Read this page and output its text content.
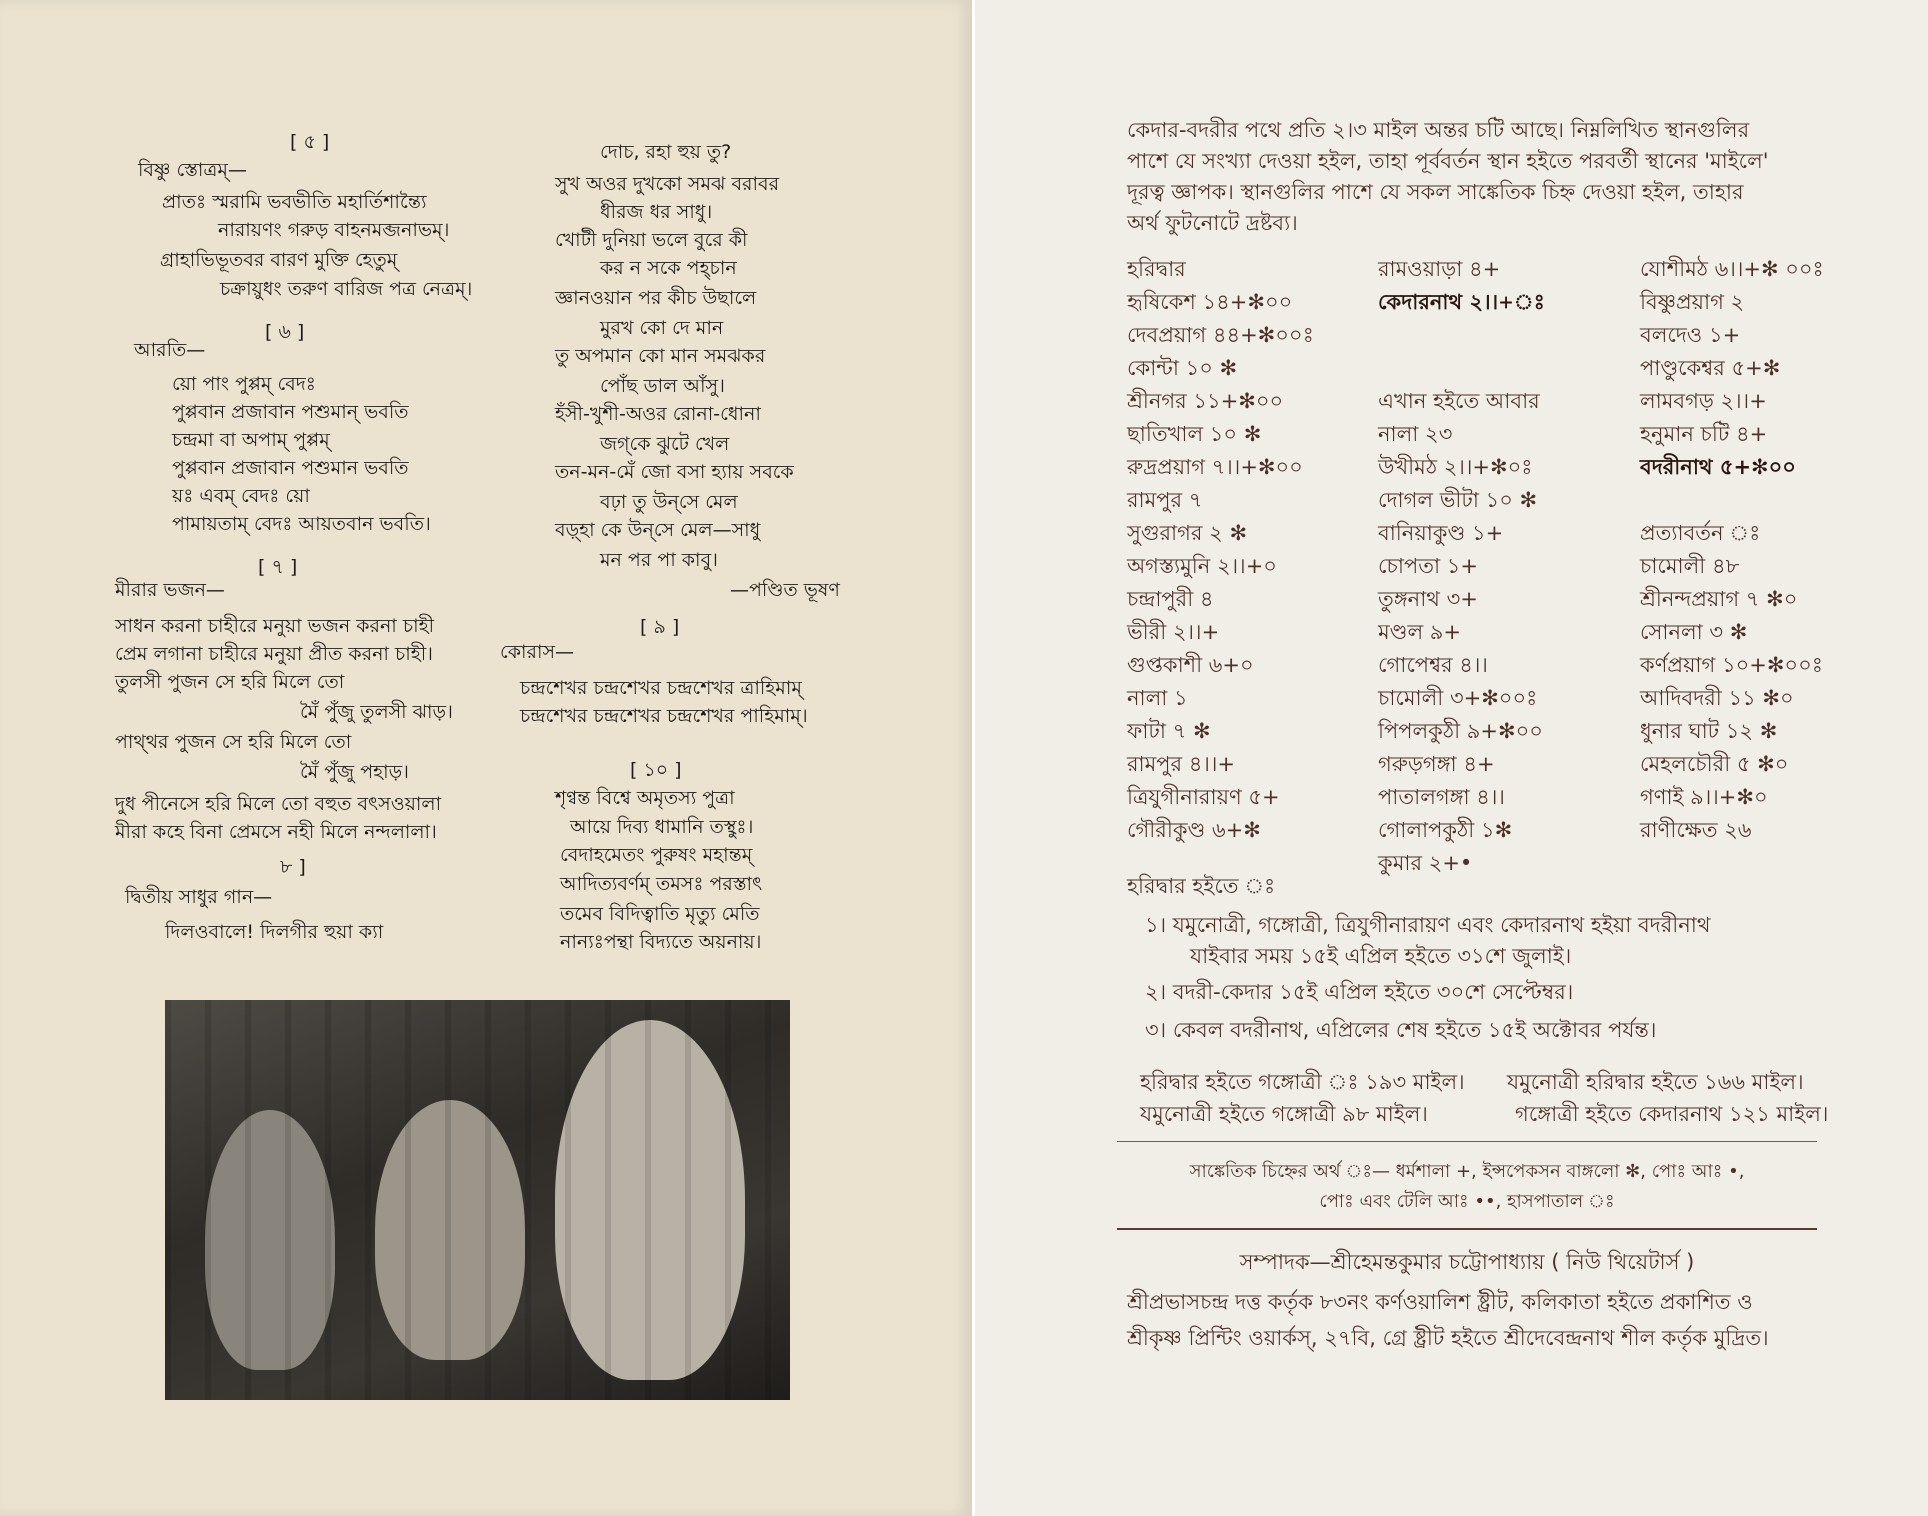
[ ৫ ]
বিষ্ণু স্তোত্রম্—
প্রাতঃ স্মরামি ভবভীতি মহার্তিশান্ত্যৈ
নারায়ণং গরুড় বাহনমব্জনাভম্।
গ্রাহাভিভূতবর বারণ মুক্তি হেতুম্
চক্রায়ুধং তরুণ বারিজ পত্র নেত্রম্।
[ ৬ ]
আরতি—
য়ো পাং পুপ্পম্ বেদঃ
পুপ্পবান প্রজাবান পশুমান্‌ ভবতি
চন্দ্রমা বা অপাম্ পুপ্পম্
পুপ্পবান প্রজাবান পশুমান ভবতি
য়ঃ এবম্ বেদঃ য়ো
পামায়তাম্ বেদঃ আয়তবান ভবতি।
[ ৭ ]
মীরার ভজন—
সাধন করনা চাহীরে মনুয়া ভজন করনা চাহী
প্রেম লগানা চাহীরে মনুয়া প্রীত করনা চাহী।
তুলসী পুজন সে হরি মিলে তো
মৈঁ পুঁজু তুলসী ঝাড়।
পাথ্থর পুজন সে হরি মিলে তো
মৈঁ পুঁজু পহাড়।
দুধ পীনেসে হরি মিলে তো বহুত বৎসওয়ালা
মীরা কহে বিনা প্রেমসে নহী মিলে নন্দলালা।
৮ ]
দ্বিতীয় সাধুর গান—
দিলওবালে! দিলগীর হুয়া ক্যা
দোচ, রহা হুয় তু?
সুখ অওর দুখকো সমঝ বরাবর
ধীরজ ধর সাধু।
খোটী দুনিয়া ভলে বুরে কী
কর ন সকে পহ্‌চান
জ্ঞানওয়ান পর কীচ উছালে
মুরখ কো দে মান
তু অপমান কো মান সমঝকর
পোঁছ ডাল আঁসু।
হঁসী-খুশী-অওর রোনা-ধোনা
জগ্‌কে ঝুটে খেল
তন-মন-মেঁ জো বসা হ্যায় সবকে
বঢ়া তু উন্‌সে মেল
বড়্‌হা কে উন্‌সে মেল—সাধু
মন পর পা কাবু।
—পণ্ডিত ভূষণ
[ ৯ ]
কোরাস—
চন্দ্রশেখর চন্দ্রশেখর চন্দ্রশেখর ত্রাহিমাম্
চন্দ্রশেখর চন্দ্রশেখর চন্দ্রশেখর পাহিমাম্।
[ ১০ ]
শৃণ্বন্ত বিশ্বে অমৃতস্য পুত্রা
আয়ে দিব্য ধামানি তস্থুঃ।
বেদাহমেতং পুরুষং মহান্তম্
আদিত্যবর্ণম্ তমসঃ পরস্তাৎ
তমেব বিদিত্বাতি মৃত্যু মেতি
নান্যঃপন্থা বিদ্যতে অয়নায়।
কেদার-বদরীর পথে প্রতি ২।৩ মাইল অন্তর চটি আছে। নিম্নলিখিত স্থানগুলির
পাশে যে সংখ্যা দেওয়া হইল, তাহা পূর্ববর্তন স্থান হইতে পরবর্তী স্থানের 'মাইলে'
দূরত্ব জ্ঞাপক। স্থানগুলির পাশে যে সকল সাঙ্কেতিক চিহ্ন দেওয়া হইল, তাহার
অর্থ ফুটনোটে দ্রষ্টব্য।
হরিদ্বার
হৃষিকেশ ১৪+✻০০
দেবপ্রয়াগ ৪৪+✻০০ঃ
কোন্টা ১০ ✻
শ্রীনগর ১১+✻০০
ছাতিখাল ১০ ✻
রুদ্রপ্রয়াগ ৭।।+✻০০
রামপুর ৭
সুগুরাগর ২ ✻
অগস্ত্যমুনি ২।।+০
চন্দ্রাপুরী ৪
ভীরী ২।।+
গুপ্তকাশী ৬+০
নালা ১
ফাটা ৭ ✻
রামপুর ৪।।+
ত্রিযুগীনারায়ণ ৫+
গৌরীকুণ্ড ৬+✻
রামওয়াড়া ৪+
কেদারনাথ ২।।+ঃ

এখান হইতে আবার
নালা ২৩
উখীমঠ ২।।+✻০ঃ
দোগল ভীটা ১০ ✻
বানিয়াকুণ্ড ১+
চোপতা ১+
তুঙ্গনাথ ৩+
মণ্ডল ৯+
গোপেশ্বর ৪।।
চামোলী ৩+✻০০ঃ
পিপলকুঠী ৯+✻০০
গরুড়গঙ্গা ৪+
পাতালগঙ্গা ৪।।
গোলাপকুঠী ১✻
কুমার ২+•
যোশীমঠ ৬।।+✻ ০০ঃ
বিষ্ণুপ্রয়াগ ২
বলদেও ১+
পাণ্ডুকেশ্বর ৫+✻
লামবগড় ২।।+
হনুমান চটি ৪+
বদরীনাথ ৫+✻০০

প্রত্যাবর্তন ঃ
চামোলী ৪৮
শ্রীনন্দপ্রয়াগ ৭ ✻০
সোনলা ৩ ✻
কর্ণপ্রয়াগ ১০+✻০০ঃ
আদিবদরী ১১ ✻০
ধুনার ঘাট ১২ ✻
মেহলচৌরী ৫ ✻০
গণাই ৯।।+✻০
রাণীক্ষেত ২৬
হরিদ্বার হইতে ঃ
১। যমুনোত্রী, গঙ্গোত্রী, ত্রিযুগীনারায়ণ এবং কেদারনাথ হইয়া বদরীনাথ
যাইবার সময় ১৫ই এপ্রিল হইতে ৩১শে জুলাই।
২। বদরী-কেদার ১৫ই এপ্রিল হইতে ৩০শে সেপ্টেম্বর।
৩। কেবল বদরীনাথ, এপ্রিলের শেষ হইতে ১৫ই অক্টোবর পর্যন্ত।
হরিদ্বার হইতে গঙ্গোত্রী ঃ ১৯৩ মাইল। যমুনোত্রী হরিদ্বার হইতে ১৬৬ মাইল।
যমুনোত্রী হইতে গঙ্গোত্রী ৯৮ মাইল।	গঙ্গোত্রী হইতে কেদারনাথ ১২১ মাইল।
সাঙ্কেতিক চিহ্নের অর্থ ঃ— ধর্মশালা +, ইন্সপেকসন বাঙ্গলো ✻, পোঃ আঃ •,
পোঃ এবং টেলি আঃ ••, হাসপাতাল ঃ
সম্পাদক—শ্রীহেমন্তকুমার চট্টোপাধ্যায় ( নিউ থিয়েটার্স )
শ্রীপ্রভাসচন্দ্র দত্ত কর্তৃক ৮৩নং কর্ণওয়ালিশ ষ্ট্রীট, কলিকাতা হইতে প্রকাশিত ও
শ্রীকৃষ্ণ প্রিন্টিং ওয়ার্কস্, ২৭বি, গ্রে ষ্ট্রীট হইতে শ্রীদেবেন্দ্রনাথ শীল কর্তৃক মুদ্রিত।
